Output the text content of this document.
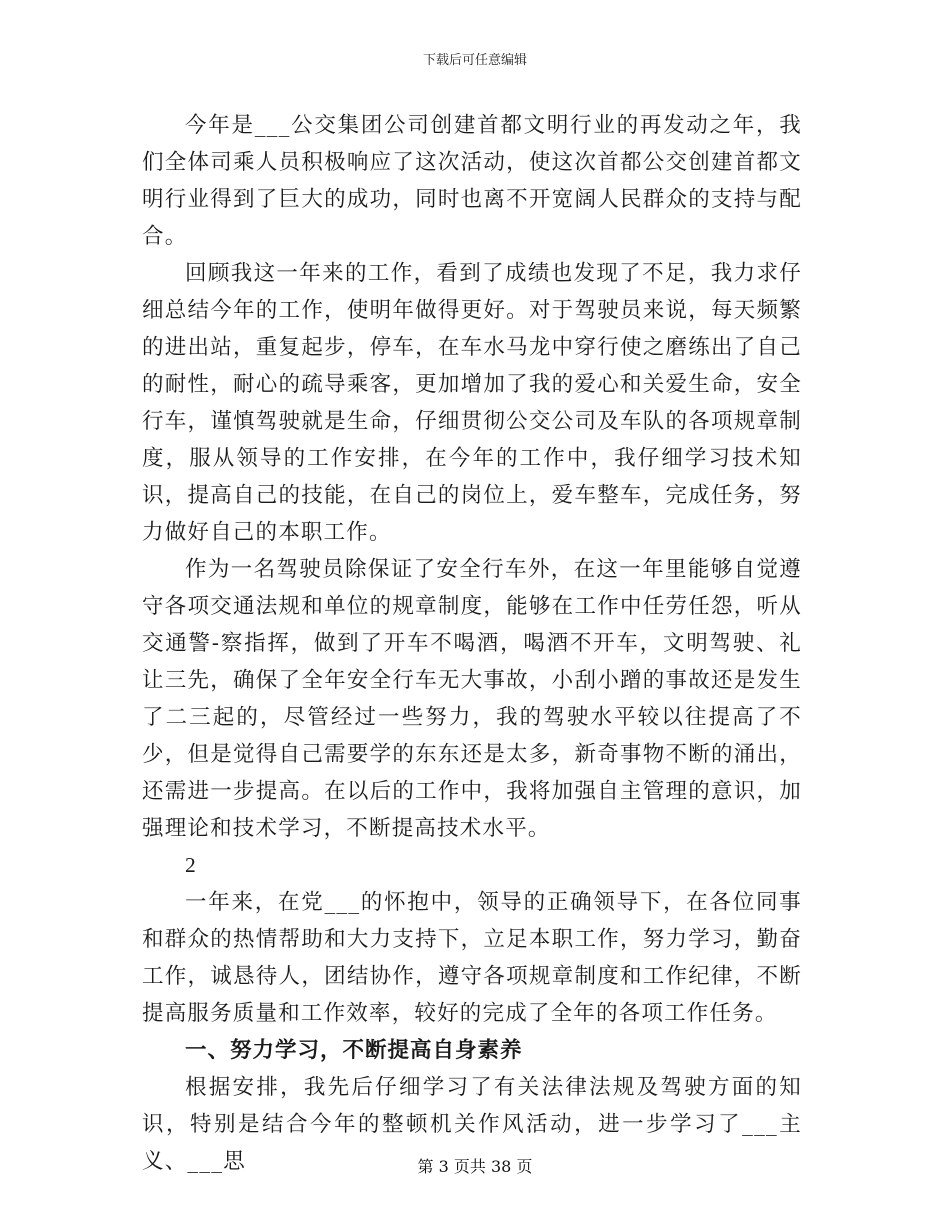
下载后可任意编辑

今年是___公交集团公司创建首都文明行业的再发动之年，我们全体司乘人员积极响应了这次活动，使这次首都公交创建首都文明行业得到了巨大的成功，同时也离不开宽阔人民群众的支持与配合。

回顾我这一年来的工作，看到了成绩也发现了不足，我力求仔细总结今年的工作，使明年做得更好。对于驾驶员来说，每天频繁的进出站，重复起步，停车，在车水马龙中穿行使之磨练出了自己的耐性，耐心的疏导乘客，更加增加了我的爱心和关爱生命，安全行车，谨慎驾驶就是生命，仔细贯彻公交公司及车队的各项规章制度，服从领导的工作安排，在今年的工作中，我仔细学习技术知识，提高自己的技能，在自己的岗位上，爱车整车，完成任务，努力做好自己的本职工作。

作为一名驾驶员除保证了安全行车外，在这一年里能够自觉遵守各项交通法规和单位的规章制度，能够在工作中任劳任怨，听从交通警-察指挥，做到了开车不喝酒，喝酒不开车，文明驾驶、礼让三先，确保了全年安全行车无大事故，小刮小蹭的事故还是发生了二三起的，尽管经过一些努力，我的驾驶水平较以往提高了不少，但是觉得自己需要学的东东还是太多，新奇事物不断的涌出，还需进一步提高。在以后的工作中，我将加强自主管理的意识，加强理论和技术学习，不断提高技术水平。

2

一年来，在党___的怀抱中，领导的正确领导下，在各位同事和群众的热情帮助和大力支持下，立足本职工作，努力学习，勤奋工作，诚恳待人，团结协作，遵守各项规章制度和工作纪律，不断提高服务质量和工作效率，较好的完成了全年的各项工作任务。

一、努力学习，不断提高自身素养

根据安排，我先后仔细学习了有关法律法规及驾驶方面的知识，特别是结合今年的整顿机关作风活动，进一步学习了___主义、___思	第 3 页共 38 页
